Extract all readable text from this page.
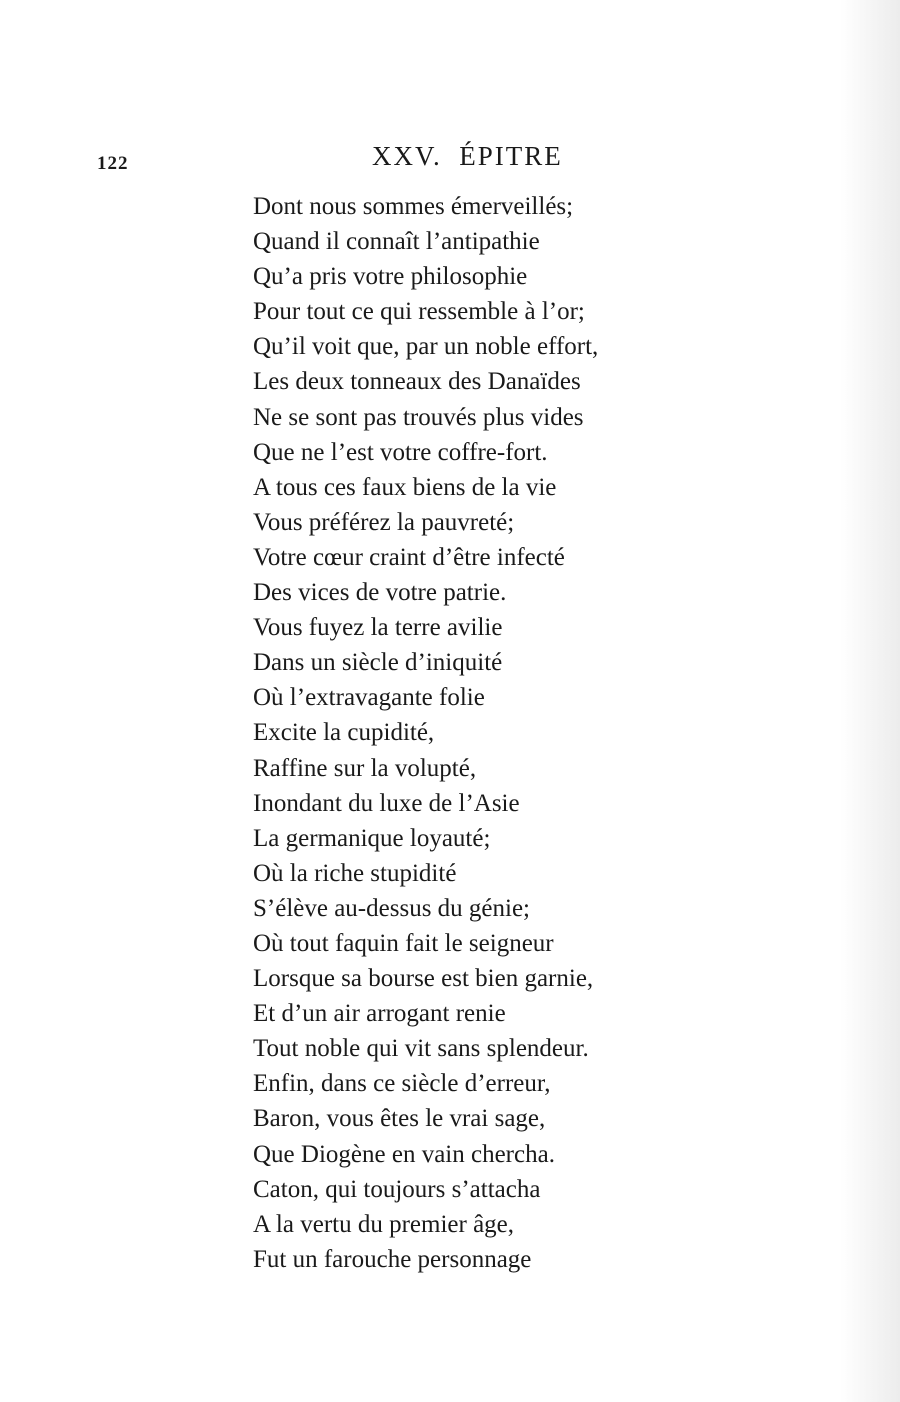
122	XXV.  ÉPITRE
Dont nous sommes émerveillés;
Quand il connaît l’antipathie
Qu’a pris votre philosophie
Pour tout ce qui ressemble à l’or;
Qu’il voit que, par un noble effort,
Les deux tonneaux des Danaïdes
Ne se sont pas trouvés plus vides
Que ne l’est votre coffre-fort.
A tous ces faux biens de la vie
Vous préférez la pauvreté;
Votre cœur craint d’être infecté
Des vices de votre patrie.
Vous fuyez la terre avilie
Dans un siècle d’iniquité
Où l’extravagante folie
Excite la cupidité,
Raffine sur la volupté,
Inondant du luxe de l’Asie
La germanique loyauté;
Où la riche stupidité
S’élève au-dessus du génie;
Où tout faquin fait le seigneur
Lorsque sa bourse est bien garnie,
Et d’un air arrogant renie
Tout noble qui vit sans splendeur.
Enfin, dans ce siècle d’erreur,
Baron, vous êtes le vrai sage,
Que Diogène en vain chercha.
Caton, qui toujours s’attacha
A la vertu du premier âge,
Fut un farouche personnage
